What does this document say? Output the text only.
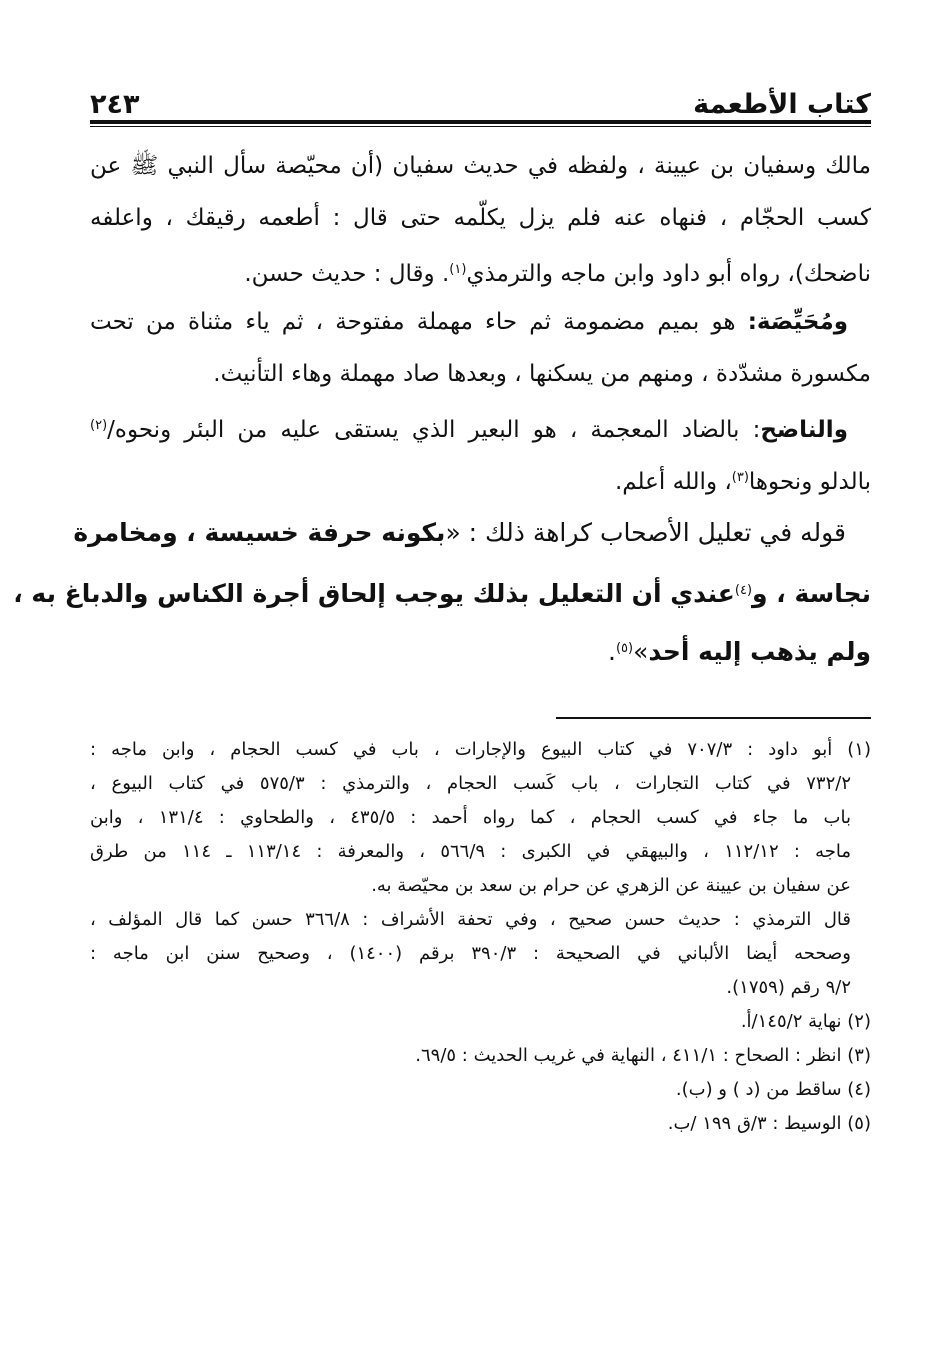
٢٤٣	كتاب الأطعمة
مالك وسفيان بن عيينة ، ولفظه في حديث سفيان (أن محيّصة سأل النبي ﷺ عن
كسب الحجّام ، فنهاه عنه فلم يزل يكلّمه حتى قال : أطعمه رقيقك ، واعلفه
ناضحك)، رواه أبو داود وابن ماجه والترمذي$^{(١)}$. وقال : حديث حسن.
 ومُحَيِّصَة: هو بميم مضمومة ثم حاء مهملة مفتوحة ، ثم ياء مثناة من تحت
مكسورة مشدّدة ، ومنهم من يسكنها ، وبعدها صاد مهملة وهاء التأنيث.
 والناضح: بالضاد المعجمة ، هو البعير الذي يستقى عليه من البئر ونحوه/$^{(٢)}$
بالدلو ونحوها$^{(٣)}$، والله أعلم.
 قوله في تعليل الأصحاب كراهة ذلك : «بكونه حرفة خسيسة ، ومخامرة
نجاسة ، و$^{(٤)}$عندي أن التعليل بذلك يوجب إلحاق أجرة الكناس والدباغ به ،
ولم يذهب إليه أحد»$^{(٥)}$.
(١) أبو داود : ٧٠٧/٣ في كتاب البيوع والإجارات ، باب في كسب الحجام ، وابن ماجه :
٧٣٢/٢ في كتاب التجارات ، باب كَسب الحجام ، والترمذي : ٥٧٥/٣ في كتاب البيوع ،
باب ما جاء في كسب الحجام ، كما رواه أحمد : ٤٣٥/٥ ، والطحاوي : ١٣١/٤ ، وابن
ماجه : ١١٢/١٢ ، والبيهقي في الكبرى : ٥٦٦/٩ ، والمعرفة : ١١٣/١٤ ـ ١١٤ من طرق
عن سفيان بن عيينة عن الزهري عن حرام بن سعد بن محيّصة به.
قال الترمذي : حديث حسن صحيح ، وفي تحفة الأشراف : ٣٦٦/٨ حسن كما قال المؤلف ،
وصححه أيضا الألباني في الصحيحة : ٣٩٠/٣ برقم (١٤٠٠) ، وصحيح سنن ابن ماجه :
٩/٢ رقم (١٧٥٩).
(٢) نهاية ١٤٥/٢/أ.
(٣) انظر : الصحاح : ٤١١/١ ، النهاية في غريب الحديث : ٦٩/٥.
(٤) ساقط من (د ) و (ب).
(٥) الوسيط : ٣/ق ١٩٩ /ب.
